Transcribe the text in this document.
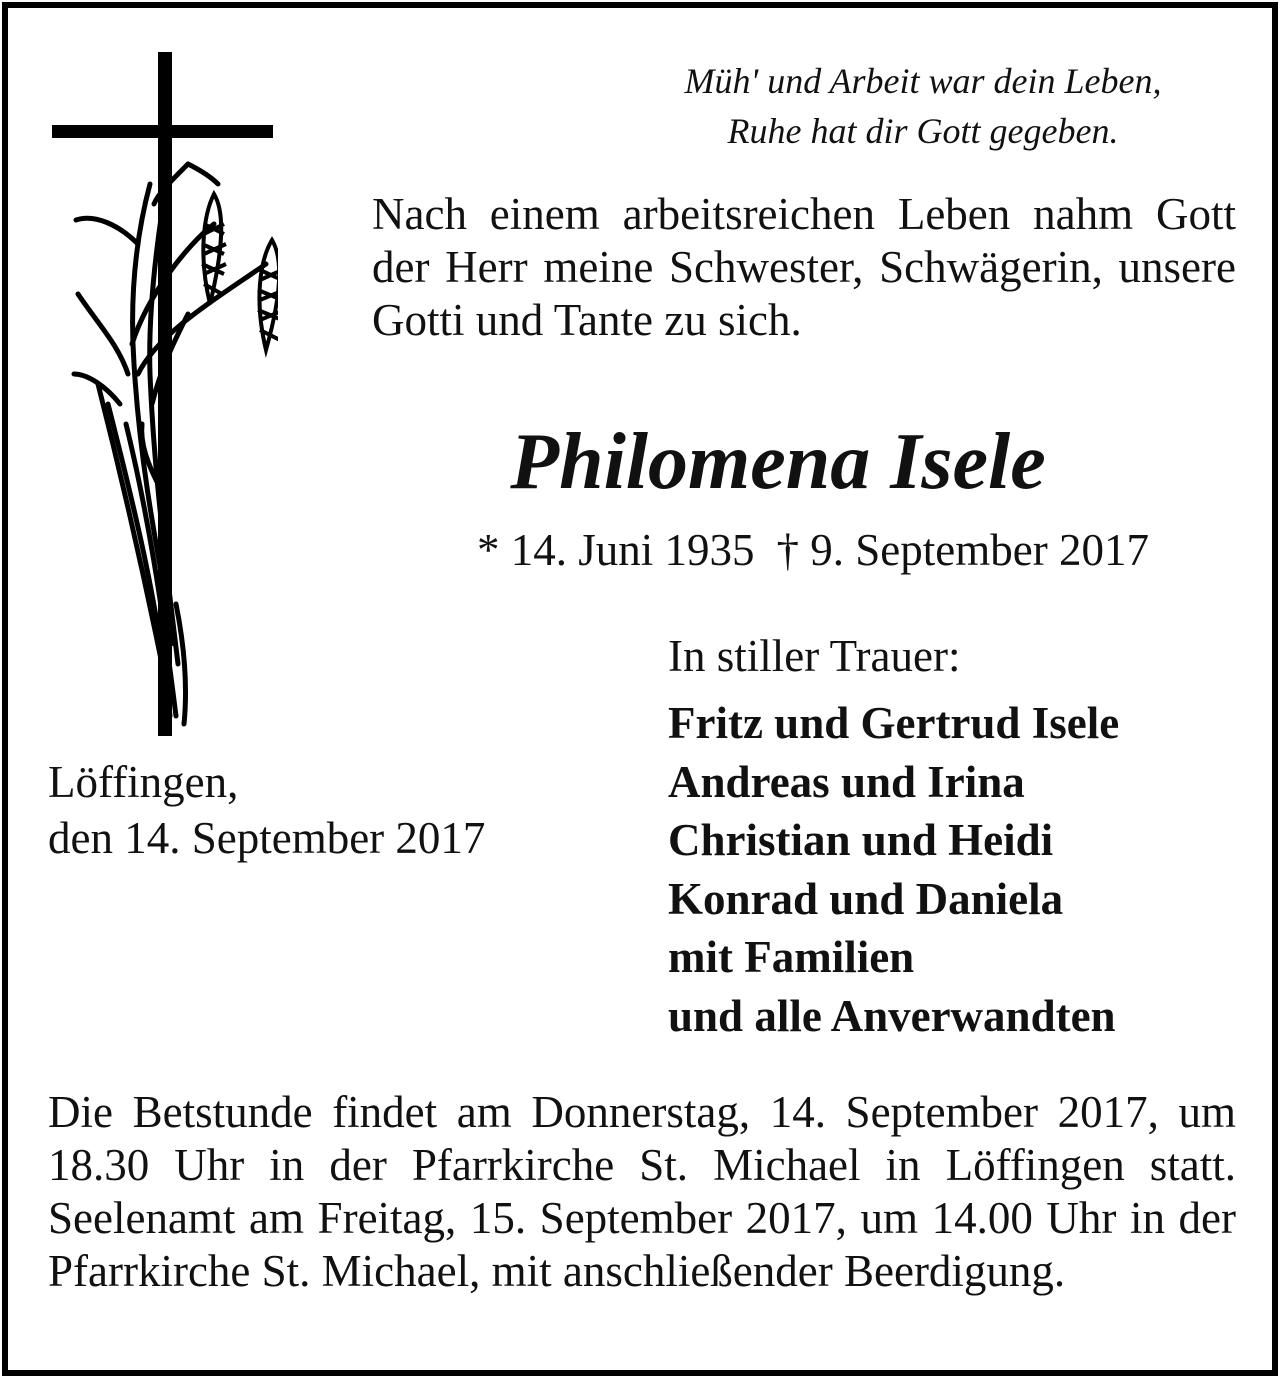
Müh' und Arbeit war dein Leben,
Ruhe hat dir Gott gegeben.
Nach einem arbeitsreichen Leben nahm Gott der Herr meine Schwester, Schwägerin, unsere Gotti und Tante zu sich.
Philomena Isele
* 14. Juni 1935 † 9. September 2017
In stiller Trauer:
Fritz und Gertrud Isele
Andreas und Irina
Christian und Heidi
Konrad und Daniela
mit Familien
und alle Anverwandten
Löffingen,
den 14. September 2017
Die Betstunde findet am Donnerstag, 14. September 2017, um 18.30 Uhr in der Pfarrkirche St. Michael in Löffingen statt. Seelenamt am Freitag, 15. September 2017, um 14.00 Uhr in der Pfarrkirche St. Michael, mit anschließender Beerdigung.
